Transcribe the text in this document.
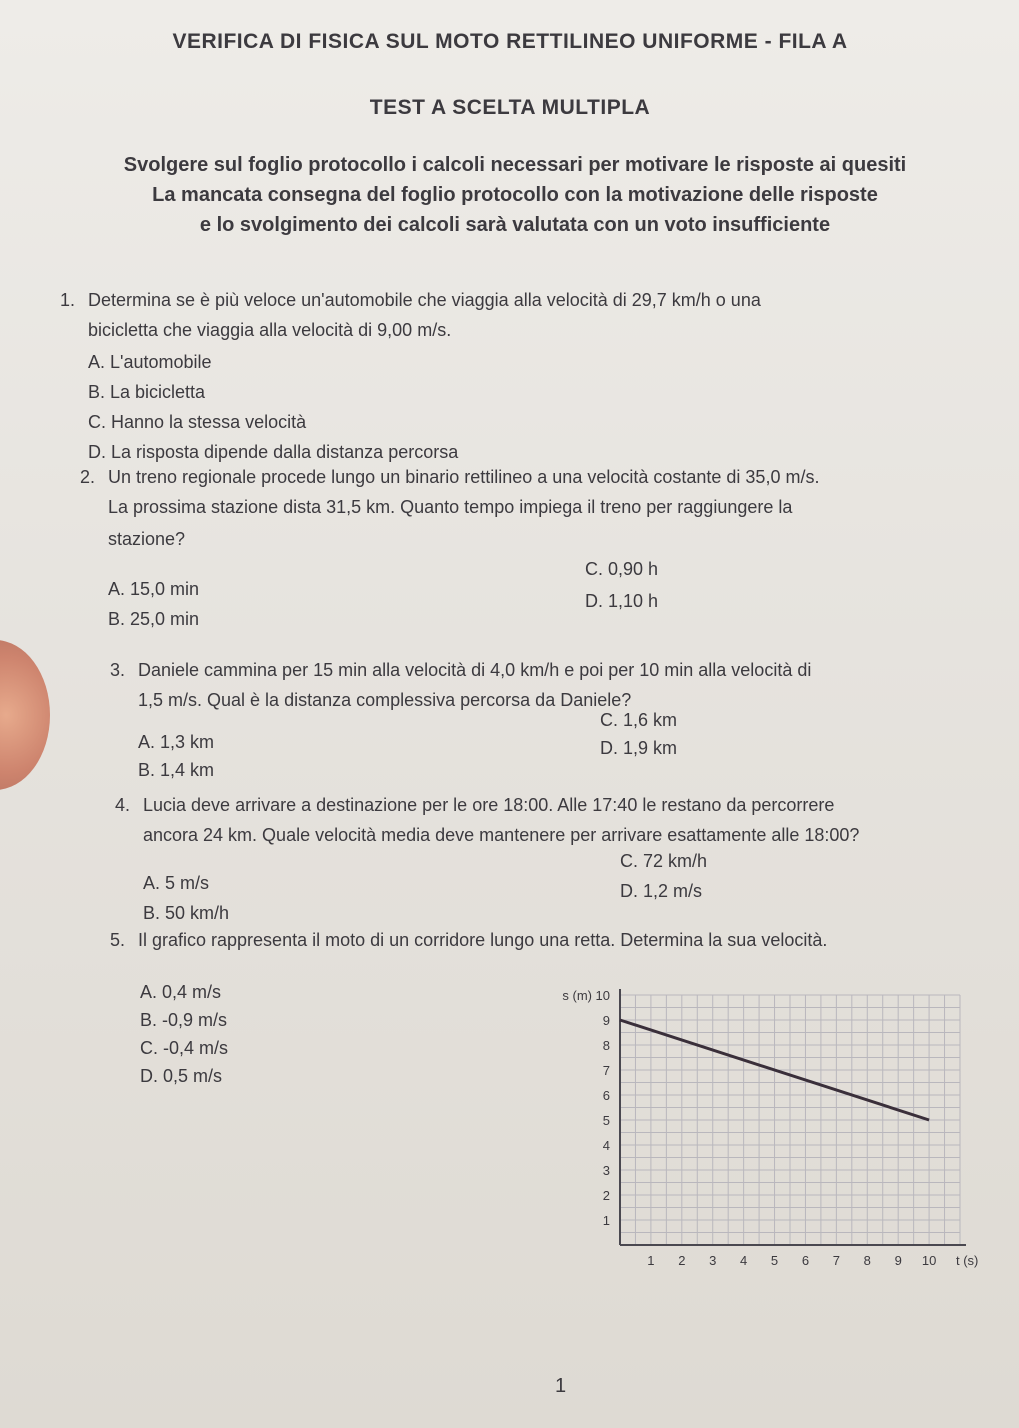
VERIFICA DI FISICA SUL MOTO RETTILINEO UNIFORME - FILA A
TEST A SCELTA MULTIPLA
Svolgere sul foglio protocollo i calcoli necessari per motivare le risposte ai quesiti
La mancata consegna del foglio protocollo con la motivazione delle risposte
e lo svolgimento dei calcoli sarà valutata con un voto insufficiente
1. Determina se è più veloce un'automobile che viaggia alla velocità di 29,7 km/h o una
bicicletta che viaggia alla velocità di 9,00 m/s.
A. L'automobile
B. La bicicletta
C. Hanno la stessa velocità
D. La risposta dipende dalla distanza percorsa
2. Un treno regionale procede lungo un binario rettilineo a una velocità costante di 35,0 m/s.
La prossima stazione dista 31,5 km. Quanto tempo impiega il treno per raggiungere la
stazione?
A. 15,0 min
B. 25,0 min
C. 0,90 h
D. 1,10 h
3. Daniele cammina per 15 min alla velocità di 4,0 km/h e poi per 10 min alla velocità di
1,5 m/s. Qual è la distanza complessiva percorsa da Daniele?
A. 1,3 km
B. 1,4 km
C. 1,6 km
D. 1,9 km
4. Lucia deve arrivare a destinazione per le ore 18:00. Alle 17:40 le restano da percorrere
ancora 24 km. Quale velocità media deve mantenere per arrivare esattamente alle 18:00?
A. 5 m/s
B. 50 km/h
C. 72 km/h
D. 1,2 m/s
5. Il grafico rappresenta il moto di un corridore lungo una retta. Determina la sua velocità.
A. 0,4 m/s
B. -0,9 m/s
C. -0,4 m/s
D. 0,5 m/s
10
9
8
7
6
5
4
3
2
1
1 2 3 4 5 6 7 8 9 10
s (m)
t (s)
1
